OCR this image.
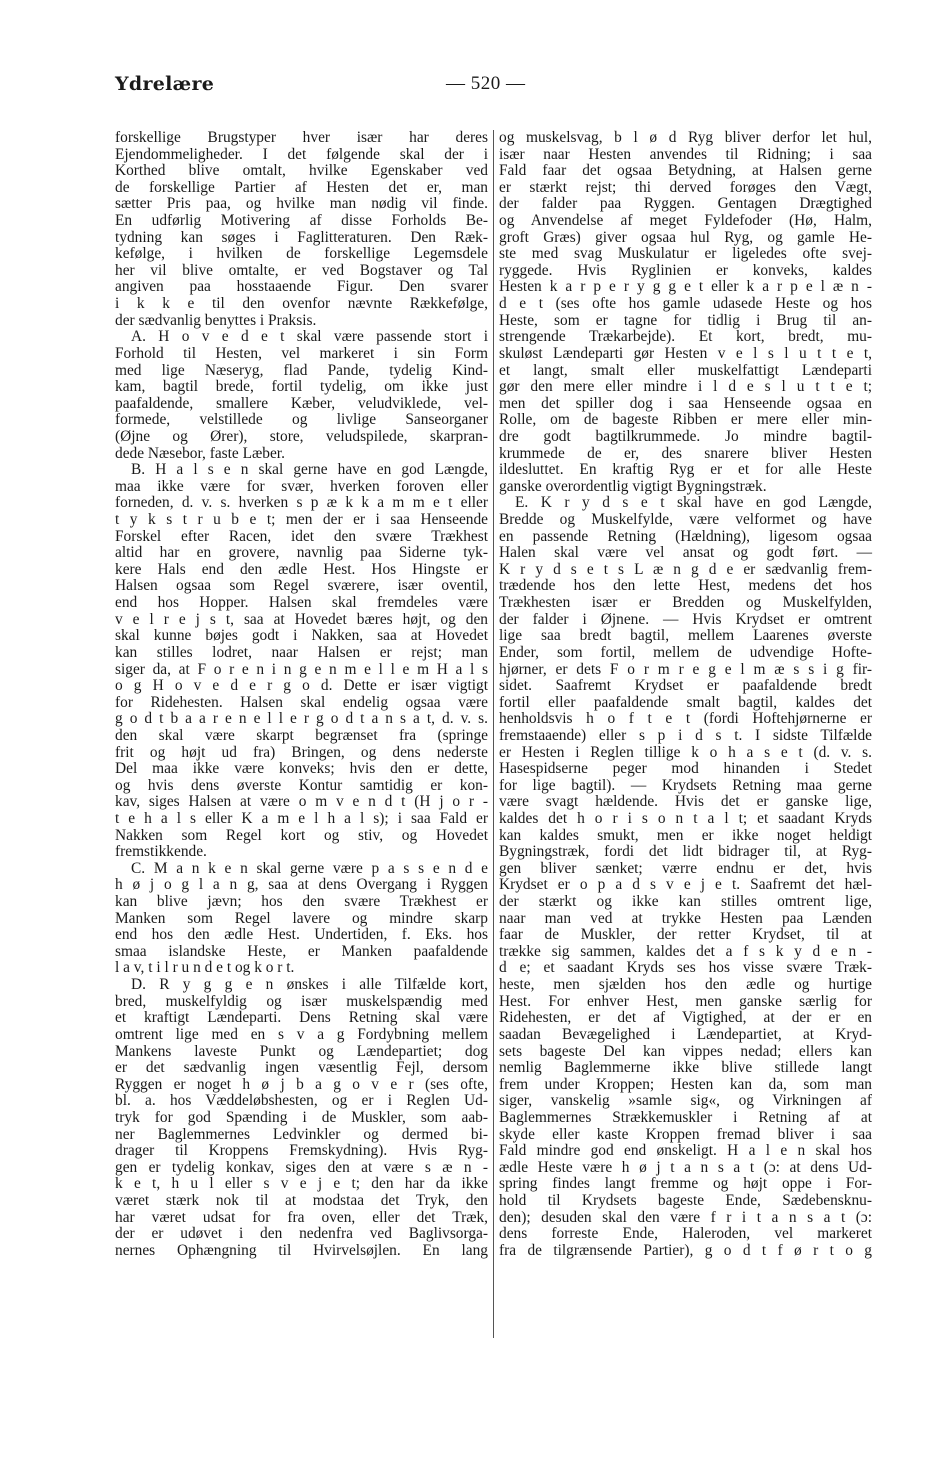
Ydrelære	— 520 —
forskellige Brugstyper hver især har deres
Ejendommeligheder. I det følgende skal der i
Korthed blive omtalt, hvilke Egenskaber ved
de forskellige Partier af Hesten det er, man
sætter Pris paa, og hvilke man nødig vil finde.
En udførlig Motivering af disse Forholds Be-
tydning kan søges i Faglitteraturen. Den Ræk-
kefølge, i hvilken de forskellige Legemsdele
her vil blive omtalte, er ved Bogstaver og Tal
angiven paa hosstaaende Figur. Den svarer
i k k e til den ovenfor nævnte Rækkefølge,
der sædvanlig benyttes i Praksis.
A. H o v e d e t skal være passende stort i
Forhold til Hesten, vel markeret i sin Form
med lige Næseryg, flad Pande, tydelig Kind-
kam, bagtil brede, fortil tydelig, om ikke just
paafaldende, smallere Kæber, veludviklede, vel-
formede, velstillede og livlige Sanseorganer
(Øjne og Ører), store, veludspilede, skarpran-
dede Næsebor, faste Læber.
B. H a l s e n skal gerne have en god Længde,
maa ikke være for svær, hverken foroven eller
forneden, d. v. s. hverken s p æ k k a m m e t eller
t y k s t r u b e t; men der er i saa Henseende
Forskel efter Racen, idet den svære Trækhest
altid har en grovere, navnlig paa Siderne tyk-
kere Hals end den ædle Hest. Hos Hingste er
Halsen ogsaa som Regel sværere, især oventil,
end hos Hopper. Halsen skal fremdeles være
v e l r e j s t, saa at Hovedet bæres højt, og den
skal kunne bøjes godt i Nakken, saa at Hovedet
kan stilles lodret, naar Halsen er rejst; man
siger da, at F o r e n i n g e n m e l l e m H a l s
o g H o v e d e r g o d. Dette er især vigtigt
for Ridehesten. Halsen skal endelig ogsaa være
g o d t b a a r e n e l l e r g o d t a n s a t, d. v. s.
den skal være skarpt begrænset fra (springe
frit og højt ud fra) Bringen, og dens nederste
Del maa ikke være konveks; hvis den er dette,
og hvis dens øverste Kontur samtidig er kon-
kav, siges Halsen at være o m v e n d t (H j o r -
t e h a l s eller K a m e l h a l s); i saa Fald er
Nakken som Regel kort og stiv, og Hovedet
fremstikkende.
C. M a n k e n skal gerne være p a s s e n d e
h ø j o g l a n g, saa at dens Overgang i Ryggen
kan blive jævn; hos den svære Trækhest er
Manken som Regel lavere og mindre skarp
end hos den ædle Hest. Undertiden, f. Eks. hos
smaa islandske Heste, er Manken paafaldende
l a v, t i l r u n d e t og k o r t.
D. R y g g e n ønskes i alle Tilfælde kort,
bred, muskelfyldig og især muskelspændig med
et kraftigt Lændeparti. Dens Retning skal være
omtrent lige med en s v a g Fordybning mellem
Mankens laveste Punkt og Lændepartiet; dog
er det sædvanlig ingen væsentlig Fejl, dersom
Ryggen er noget h ø j b a g o v e r (ses ofte,
bl. a. hos Væddeløbshesten, og er i Reglen Ud-
tryk for god Spænding i de Muskler, som aab-
ner Baglemmernes Ledvinkler og dermed bi-
drager til Kroppens Fremskydning). Hvis Ryg-
gen er tydelig konkav, siges den at være s æ n -
k e t, h u l eller s v e j e t; den har da ikke
været stærk nok til at modstaa det Tryk, den
har været udsat for fra oven, eller det Træk,
der er udøvet i den nedenfra ved Baglivsorga-
nernes Ophængning til Hvirvelsøjlen. En lang
og muskelsvag, b l ø d Ryg bliver derfor let hul,
især naar Hesten anvendes til Ridning; i saa
Fald faar det ogsaa Betydning, at Halsen gerne
er stærkt rejst; thi derved forøges den Vægt,
der falder paa Ryggen. Gentagen Drægtighed
og Anvendelse af meget Fyldefoder (Hø, Halm,
groft Græs) giver ogsaa hul Ryg, og gamle He-
ste med svag Muskulatur er ligeledes ofte svej-
ryggede. Hvis Ryglinien er konveks, kaldes
Hesten k a r p e r y g g e t eller k a r p e l æ n -
d e t (ses ofte hos gamle udasede Heste og hos
Heste, som er tagne for tidlig i Brug til an-
strengende Trækarbejde). Et kort, bredt, mu-
skuløst Lændeparti gør Hesten v e l s l u t t e t,
et langt, smalt eller muskelfattigt Lændeparti
gør den mere eller mindre i l d e s l u t t e t;
men det spiller dog i saa Henseende ogsaa en
Rolle, om de bageste Ribben er mere eller min-
dre godt bagtilkrummede. Jo mindre bagtil-
krummede de er, des snarere bliver Hesten
ildesluttet. En kraftig Ryg er et for alle Heste
ganske overordentlig vigtigt Bygningstræk.
E. K r y d s e t skal have en god Længde,
Bredde og Muskelfylde, være velformet og have
en passende Retning (Hældning), ligesom ogsaa
Halen skal være vel ansat og godt ført. —
K r y d s e t s L æ n g d e er sædvanlig frem-
trædende hos den lette Hest, medens det hos
Trækhesten især er Bredden og Muskelfylden,
der falder i Øjnene. — Hvis Krydset er omtrent
lige saa bredt bagtil, mellem Laarenes øverste
Ender, som fortil, mellem de udvendige Hofte-
hjørner, er dets F o r m r e g e l m æ s s i g fir-
sidet. Saafremt Krydset er paafaldende bredt
fortil eller paafaldende smalt bagtil, kaldes det
henholdsvis h o f t e t (fordi Hoftehjørnerne er
fremstaaende) eller s p i d s t. I sidste Tilfælde
er Hesten i Reglen tillige k o h a s e t (d. v. s.
Hasespidserne peger mod hinanden i Stedet
for lige bagtil). — Krydsets Retning maa gerne
være svagt hældende. Hvis det er ganske lige,
kaldes det h o r i s o n t a l t; et saadant Kryds
kan kaldes smukt, men er ikke noget heldigt
Bygningstræk, fordi det lidt bidrager til, at Ryg-
gen bliver sænket; værre endnu er det, hvis
Krydset er o p a d s v e j e t. Saafremt det hæl-
der stærkt og ikke kan stilles omtrent lige,
naar man ved at trykke Hesten paa Lænden
faar de Muskler, der retter Krydset, til at
trække sig sammen, kaldes det a f s k y d e n -
d e; et saadant Kryds ses hos visse svære Træk-
heste, men sjælden hos den ædle og hurtige
Hest. For enhver Hest, men ganske særlig for
Ridehesten, er det af Vigtighed, at der er en
saadan Bevægelighed i Lændepartiet, at Kryd-
sets bageste Del kan vippes nedad; ellers kan
nemlig Baglemmerne ikke blive stillede langt
frem under Kroppen; Hesten kan da, som man
siger, vanskelig »samle sig«, og Virkningen af
Baglemmernes Strækkemuskler i Retning af at
skyde eller kaste Kroppen fremad bliver i saa
Fald mindre god end ønskeligt. H a l e n skal hos
ædle Heste være h ø j t a n s a t (ɔ: at dens Ud-
spring findes langt fremme og højt oppe i For-
hold til Krydsets bageste Ende, Sædebensknu-
den); desuden skal den være f r i t a n s a t (ɔ:
dens forreste Ende, Haleroden, vel markeret
fra de tilgrænsende Partier), g o d t f ø r t o g
